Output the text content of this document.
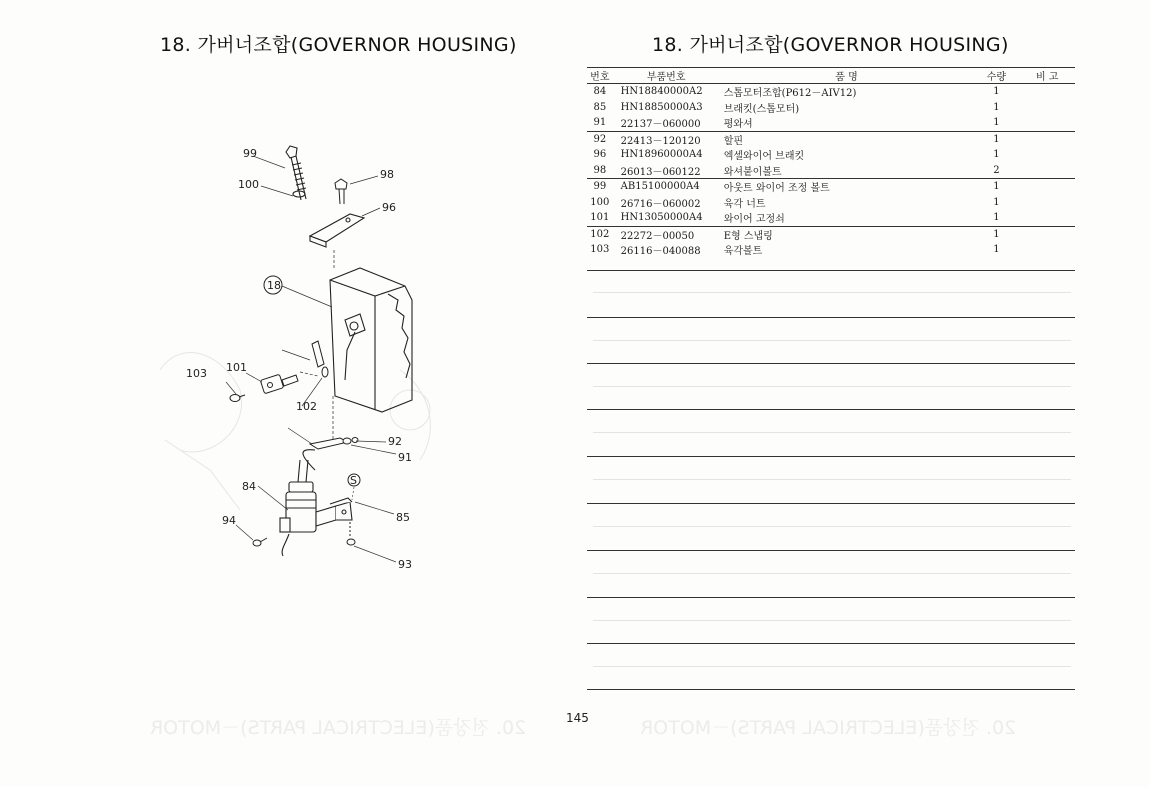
18. 가버너조합(GOVERNOR HOUSING)	18. 가버너조합(GOVERNOR HOUSING)
99
100
98
96
18
101
103
102
92
91
84
94
S
85
93
번호	부품번호	품 명	수량	비 고
84	HN18840000A2	스톱모터조합(P612－AIV12)	1	
85	HN18850000A3	브래킷(스톱모터)	1	
91	22137－060000	평와셔	1	
92	22413－120120	할핀	1	
96	HN18960000A4	엑셀와이어 브래킷	1	
98	26013－060122	와셔붙이볼트	2	
99	AB15100000A4	아웃트 와이어 조정 볼트	1	
100	26716－060002	육각 너트	1	
101	HN13050000A4	와이어 고정쇠	1	
102	22272－00050	E형 스냅링	1	
103	26116－040088	육각볼트	1	
145
20. 전장품(ELECTRICAL PARTS)－MOTOR	20. 전장품(ELECTRICAL PARTS)－MOTOR
